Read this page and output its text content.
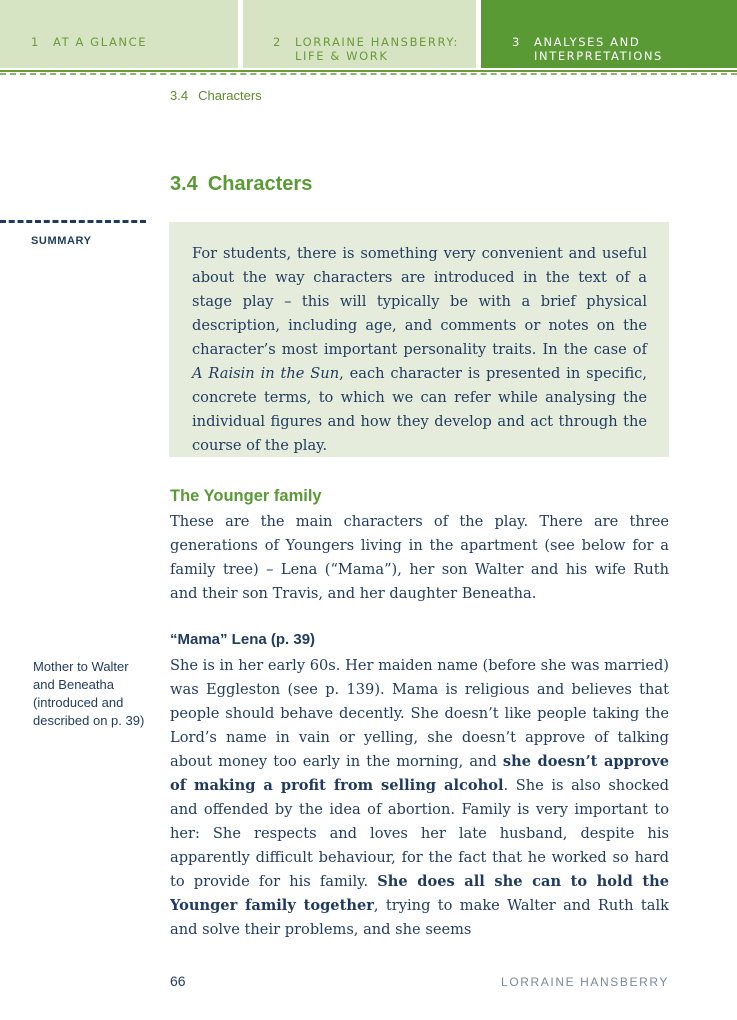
1	AT A GLANCE	2	LORRAINE HANSBERRY:
LIFE & WORK
3	ANALYSES AND
INTERPRETATIONS
3.4 Characters
3.4 Characters
SUMMARY
For students, there is something very convenient and useful about the way characters are introduced in the text of a stage play – this will typically be with a brief physical description, including age, and comments or notes on the character’s most important personality traits. In the case of A Raisin in the Sun, each character is presented in specific, concrete terms, to which we can refer while analysing the individual figures and how they develop and act through the course of the play.
The Younger family
These are the main characters of the play. There are three generations of Youngers living in the apartment (see below for a family tree) – Lena (“Mama”), her son Walter and his wife Ruth and their son Travis, and her daughter Beneatha.
“Mama” Lena (p. 39)
Mother to Walter and Beneatha (introduced and described on p. 39)
She is in her early 60s. Her maiden name (before she was married) was Eggleston (see p. 139). Mama is religious and believes that people should behave decently. She doesn’t like people taking the Lord’s name in vain or yelling, she doesn’t approve of talking about money too early in the morning, and she doesn’t approve of making a profit from selling alcohol. She is also shocked and offended by the idea of abortion. Family is very important to her: She respects and loves her late husband, despite his apparently difficult behaviour, for the fact that he worked so hard to provide for his family. She does all she can to hold the Younger family together, trying to make Walter and Ruth talk and solve their problems, and she seems
66	LORRAINE HANSBERRY
